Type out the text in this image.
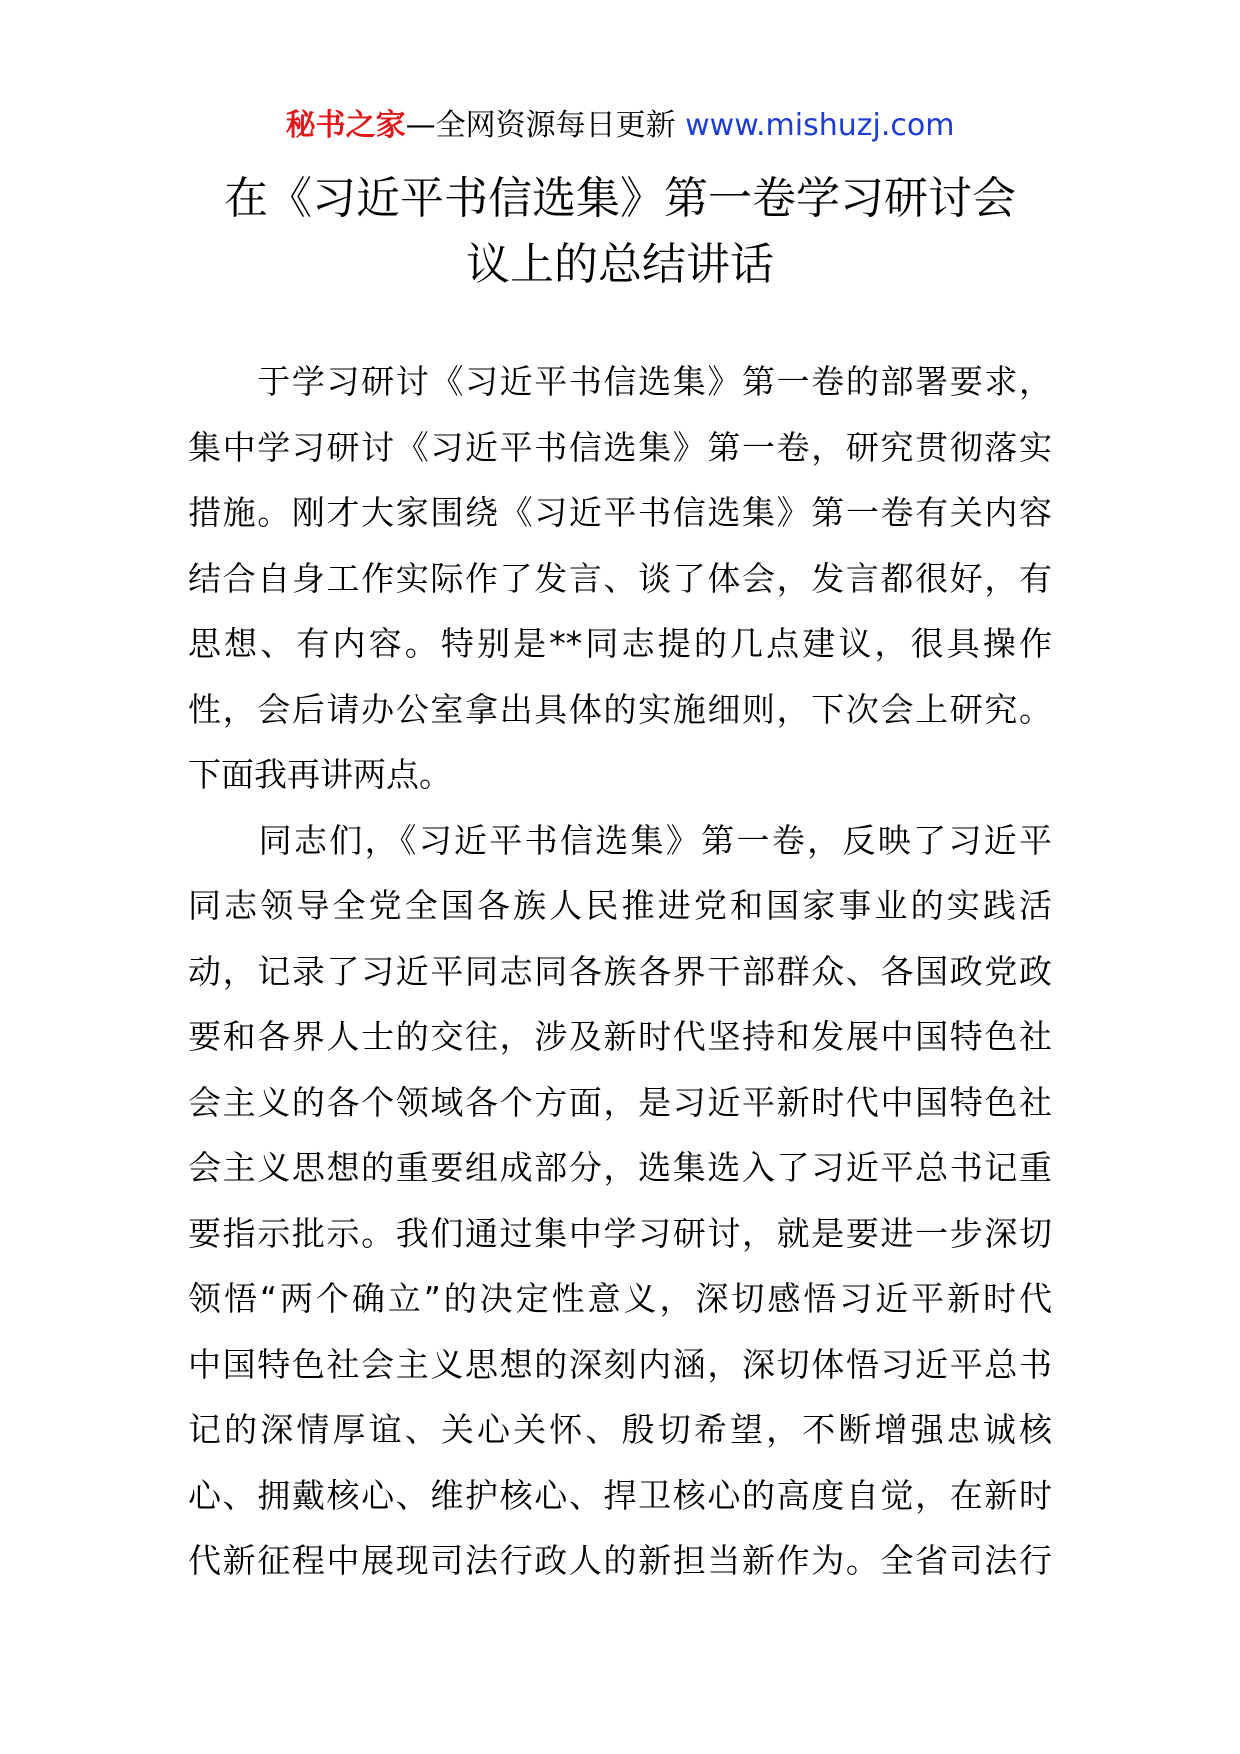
秘书之家—全网资源每日更新 www.mishuzj.com
在《习近平书信选集》第一卷学习研讨会
议上的总结讲话
　　于学习研讨《习近平书信选集》第一卷的部署要求，
集中学习研讨《习近平书信选集》第一卷，研究贯彻落实
措施。刚才大家围绕《习近平书信选集》第一卷有关内容
结合自身工作实际作了发言、谈了体会，发言都很好，有
思想、有内容。特别是**同志提的几点建议，很具操作
性，会后请办公室拿出具体的实施细则，下次会上研究。
下面我再讲两点。
　　同志们，《习近平书信选集》第一卷，反映了习近平
同志领导全党全国各族人民推进党和国家事业的实践活
动，记录了习近平同志同各族各界干部群众、各国政党政
要和各界人士的交往，涉及新时代坚持和发展中国特色社
会主义的各个领域各个方面，是习近平新时代中国特色社
会主义思想的重要组成部分，选集选入了习近平总书记重
要指示批示。我们通过集中学习研讨，就是要进一步深切
领悟“两个确立”的决定性意义，深切感悟习近平新时代
中国特色社会主义思想的深刻内涵，深切体悟习近平总书
记的深情厚谊、关心关怀、殷切希望，不断增强忠诚核
心、拥戴核心、维护核心、捍卫核心的高度自觉，在新时
代新征程中展现司法行政人的新担当新作为。全省司法行
